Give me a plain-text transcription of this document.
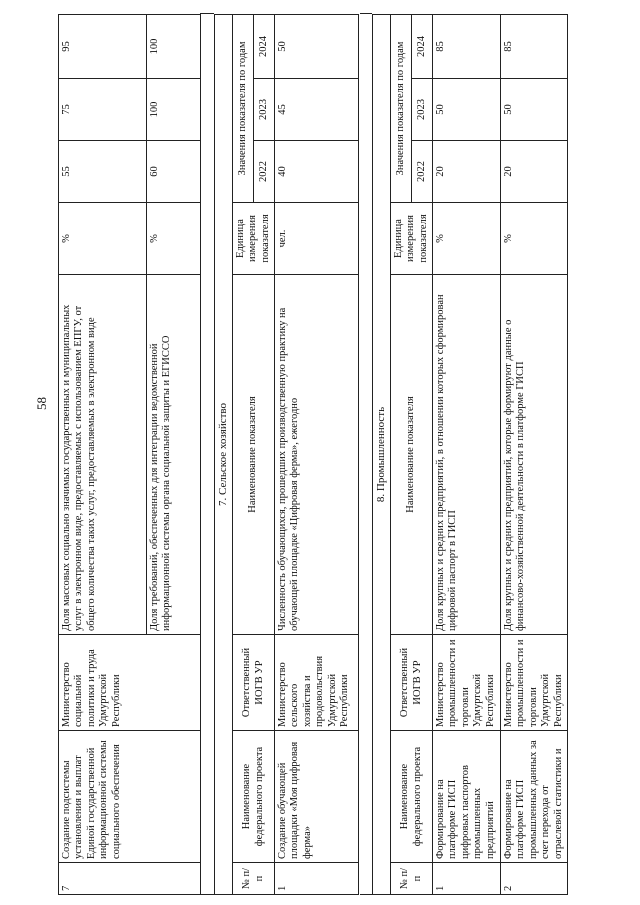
58
7	Создание подсистемы установления и выплат Единой государственной информационной системы социального обеспечения	Министерство социальной политики и труда Удмуртской Республики	Доля массовых социально значимых государственных и муниципальных услуг в электронном виде, предоставляемых с использованием ЕПГУ, от общего количества таких услуг, предоставляемых в электронном виде	%	55	75	95
			Доля требований, обеспеченных для интеграции ведомственной информационной системы органа социальной защиты и ЕГИССО	%	60	100	100
7. Сельское хозяйство							
№ п/п	Наименование федерального проекта	Ответственный ИОГВ УР	Наименование показателя	Единица измерения показателя	Значения показателя по годам		
					2022	2023	2024
1	Создание обучающей площадки «Моя цифровая ферма»	Министерство сельского хозяйства и продовольствия Удмуртской Республики	Численность обучающихся, прошедших производственную практику на обучающей площадке «Цифровая ферма», ежегодно	чел.	40	45	50
8. Промышленность							
№ п/п	Наименование федерального проекта	Ответственный ИОГВ УР	Наименование показателя	Единица измерения показателя	Значения показателя по годам		
					2022	2023	2024
1	Формирование на платформе ГИСП цифровых паспортов промышленных предприятий	Министерство промышленности и торговли Удмуртской Республики	Доля крупных и средних предприятий, в отношении которых сформирован цифровой паспорт в ГИСП	%	20	50	85
2	Формирование на платформе ГИСП промышленных данных за счет перехода от отраслевой статистики и	Министерство промышленности и торговли Удмуртской Республики	Доля крупных и средних предприятий, которые формируют данные о финансово-хозяйственной деятельности в платформе ГИСП	%	20	50	85
